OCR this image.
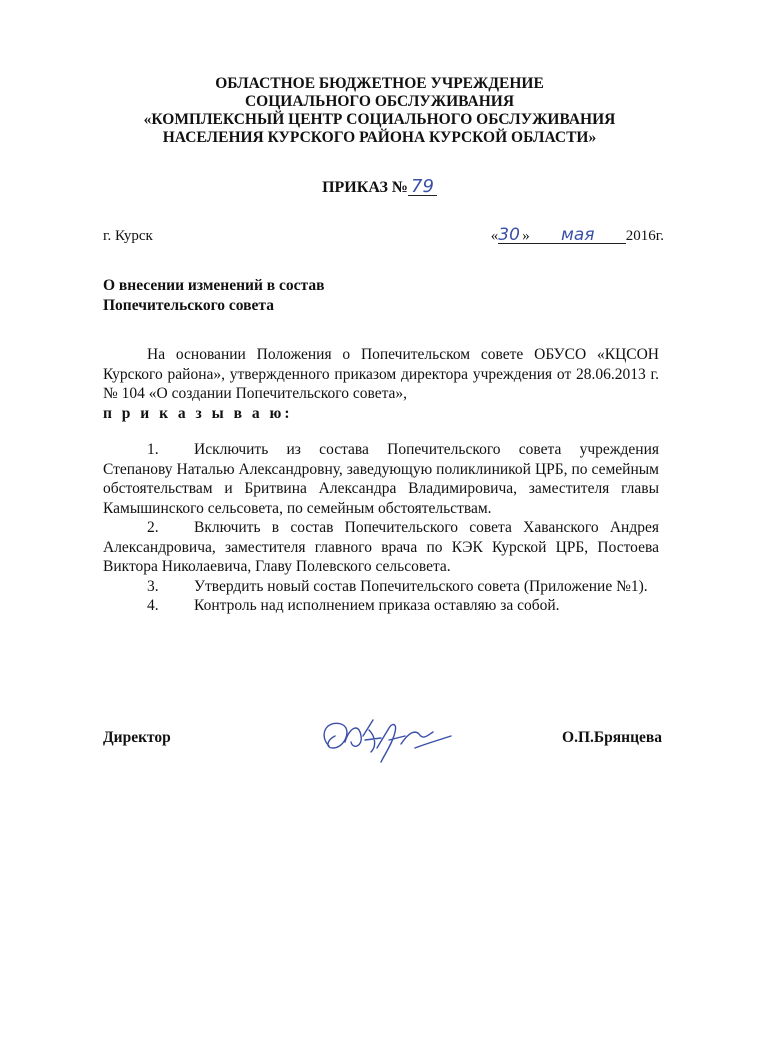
ОБЛАСТНОЕ БЮДЖЕТНОЕ УЧРЕЖДЕНИЕ
СОЦИАЛЬНОГО ОБСЛУЖИВАНИЯ
«КОМПЛЕКСНЫЙ ЦЕНТР СОЦИАЛЬНОГО ОБСЛУЖИВАНИЯ
НАСЕЛЕНИЯ КУРСКОГО РАЙОНА КУРСКОЙ ОБЛАСТИ»
ПРИКАЗ № 79
г. Курск	«30 » мая 2016г.
О внесении изменений в состав
Попечительского совета

На основании Положения о Попечительском совете ОБУСО «КЦСОН Курского района», утвержденного приказом директора учреждения от 28.06.2013 г. № 104 «О создании Попечительского совета»,

п р и к а з ы в а ю:

1. Исключить из состава Попечительского совета учреждения Степанову Наталью Александровну, заведующую поликлиникой ЦРБ, по семейным обстоятельствам и Бритвина Александра Владимировича, заместителя главы Камышинского сельсовета, по семейным обстоятельствам.

2. Включить в состав Попечительского совета Хаванского Андрея Александровича, заместителя главного врача по КЭК Курской ЦРБ, Постоева Виктора Николаевича, Главу Полевского сельсовета.

3. Утвердить новый состав Попечительского совета (Приложение №1).

4. Контроль над исполнением приказа оставляю за собой.

Директор	О.П.Брянцева
